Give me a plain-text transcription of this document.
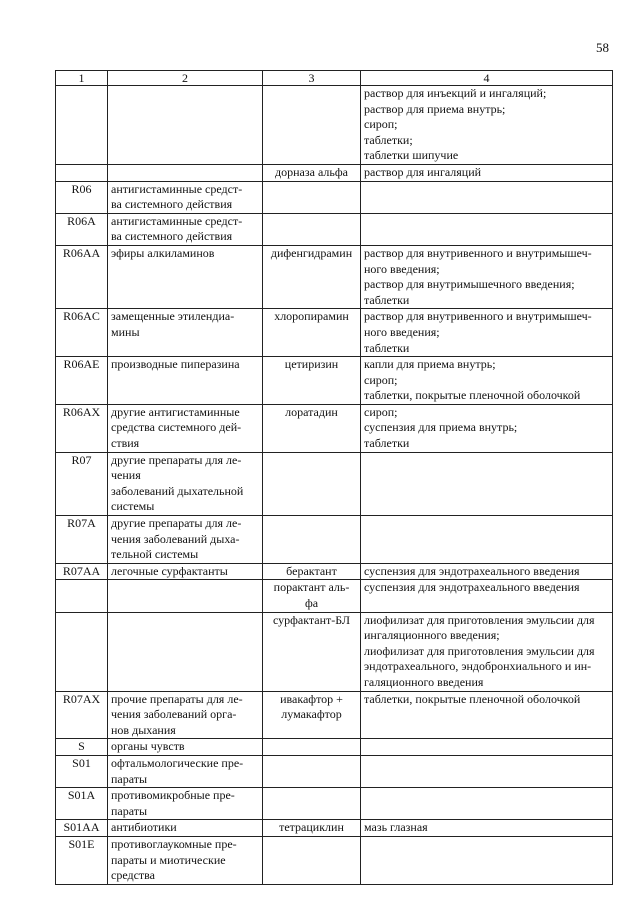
58
1	2	3	4

			раствор для инъекций и ингаляций;
раствор для приема внутрь;
сироп;
таблетки;
таблетки шипучие

		дорназа альфа	раствор для ингаляций

R06	антигистаминные средст-
ва системного действия		

R06A	антигистаминные средст-
ва системного действия		

R06AA	эфиры алкиламинов	дифенгидрамин	раствор для внутривенного и внутримышеч-
ного введения;
раствор для внутримышечного введения;
таблетки

R06AC	замещенные этилендиа-
мины	хлоропирамин	раствор для внутривенного и внутримышеч-
ного введения;
таблетки

R06AE	производные пиперазина	цетиризин	капли для приема внутрь;
сироп;
таблетки, покрытые пленочной оболочкой

R06AX	другие антигистаминные
средства системного дей-
ствия	лоратадин	сироп;
суспензия для приема внутрь;
таблетки

R07	другие препараты для ле-
чения
заболеваний дыхательной
системы		

R07A	другие препараты для ле-
чения заболеваний дыха-
тельной системы		

R07AA	легочные сурфактанты	берактант	суспензия для эндотрахеального введения

		порактант аль-
фа	суспензия для эндотрахеального введения

		сурфактант-БЛ	лиофилизат для приготовления эмульсии для
ингаляционного введения;
лиофилизат для приготовления эмульсии для
эндотрахеального, эндобронхиального и ин-
галяционного введения

R07AX	прочие препараты для ле-
чения заболеваний орга-
нов дыхания	ивакафтор +
лумакафтор	таблетки, покрытые пленочной оболочкой

S	органы чувств		

S01	офтальмологические пре-
параты		

S01A	противомикробные пре-
параты		

S01AA	антибиотики	тетрациклин	мазь глазная

S01E	противоглаукомные пре-
параты и миотические
средства		
